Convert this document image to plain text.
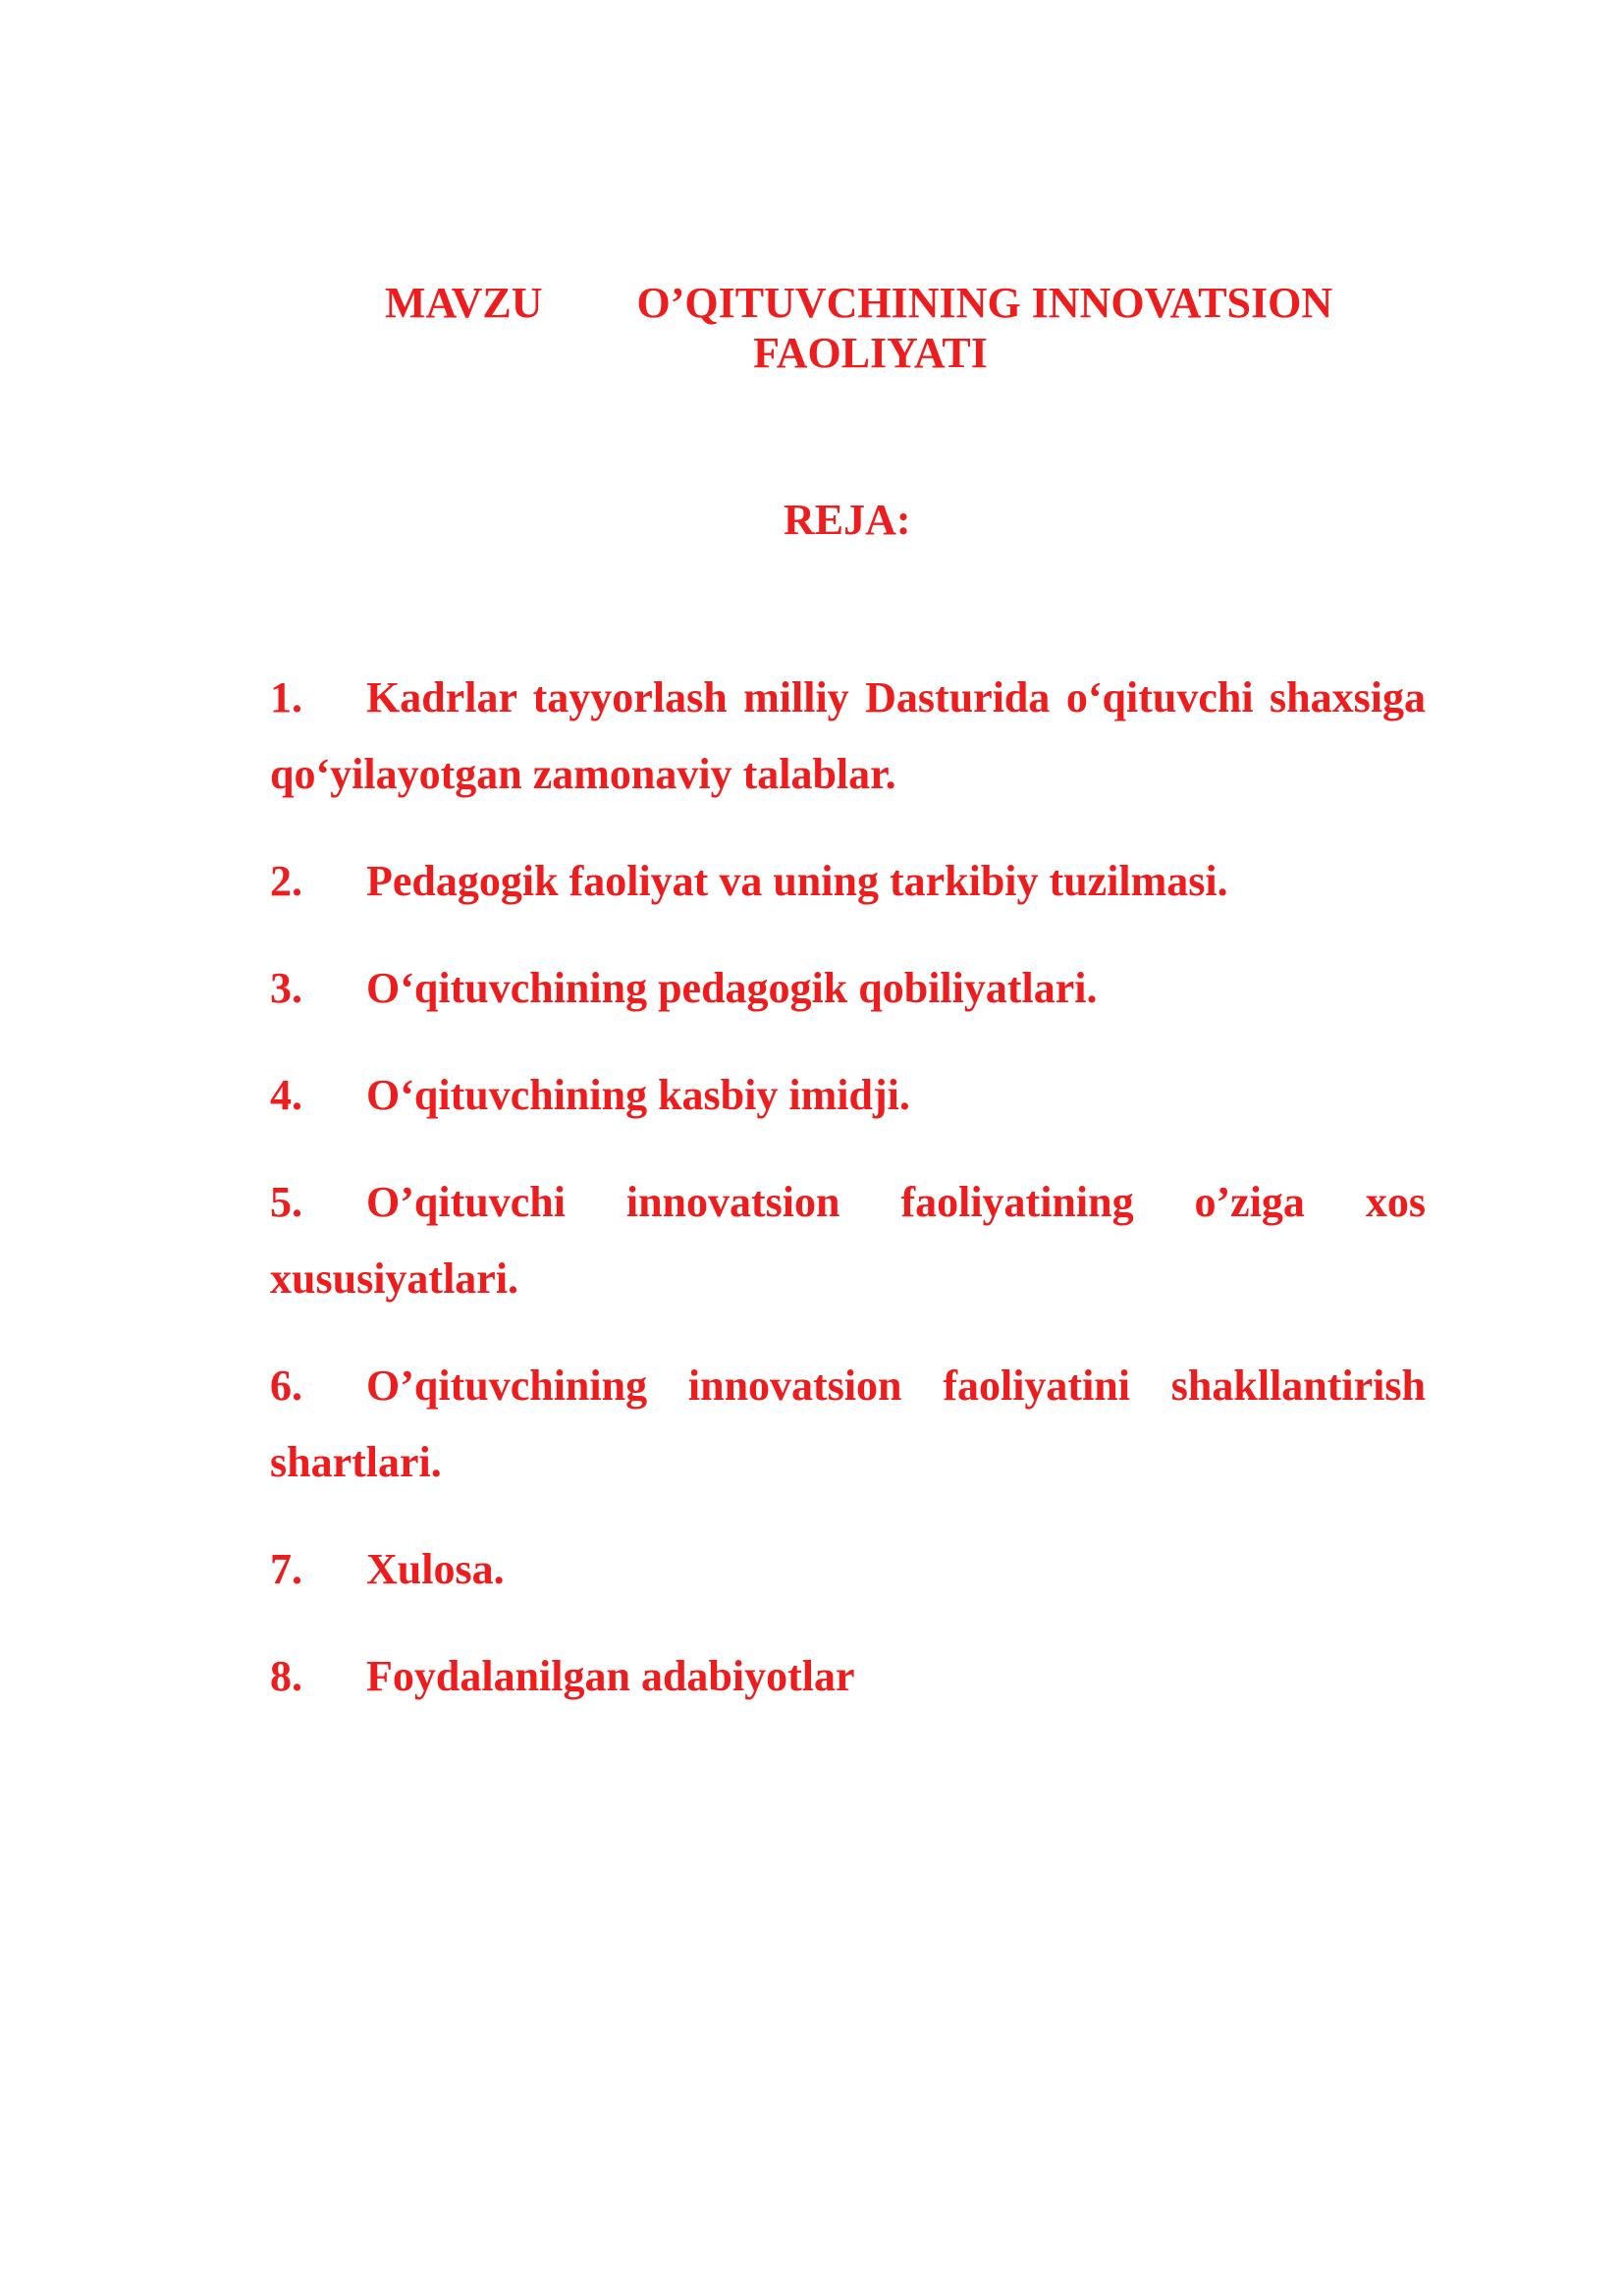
MAVZU O’QITUVCHINING INNOVATSION
FAOLIYATI
REJA:
1. Kadrlar tayyorlash milliy Dasturida o‘qituvchi shaxsiga qo‘yilayotgan zamonaviy talablar.
2. Pedagogik faoliyat va uning tarkibiy tuzilmasi.
3. O‘qituvchining pedagogik qobiliyatlari.
4. O‘qituvchining kasbiy imidji.
5. O’qituvchi innovatsion faoliyatining o’ziga xos xususiyatlari.
6. O’qituvchining innovatsion faoliyatini shakllantirish shartlari.
7. Xulosa.
8. Foydalanilgan adabiyotlar
